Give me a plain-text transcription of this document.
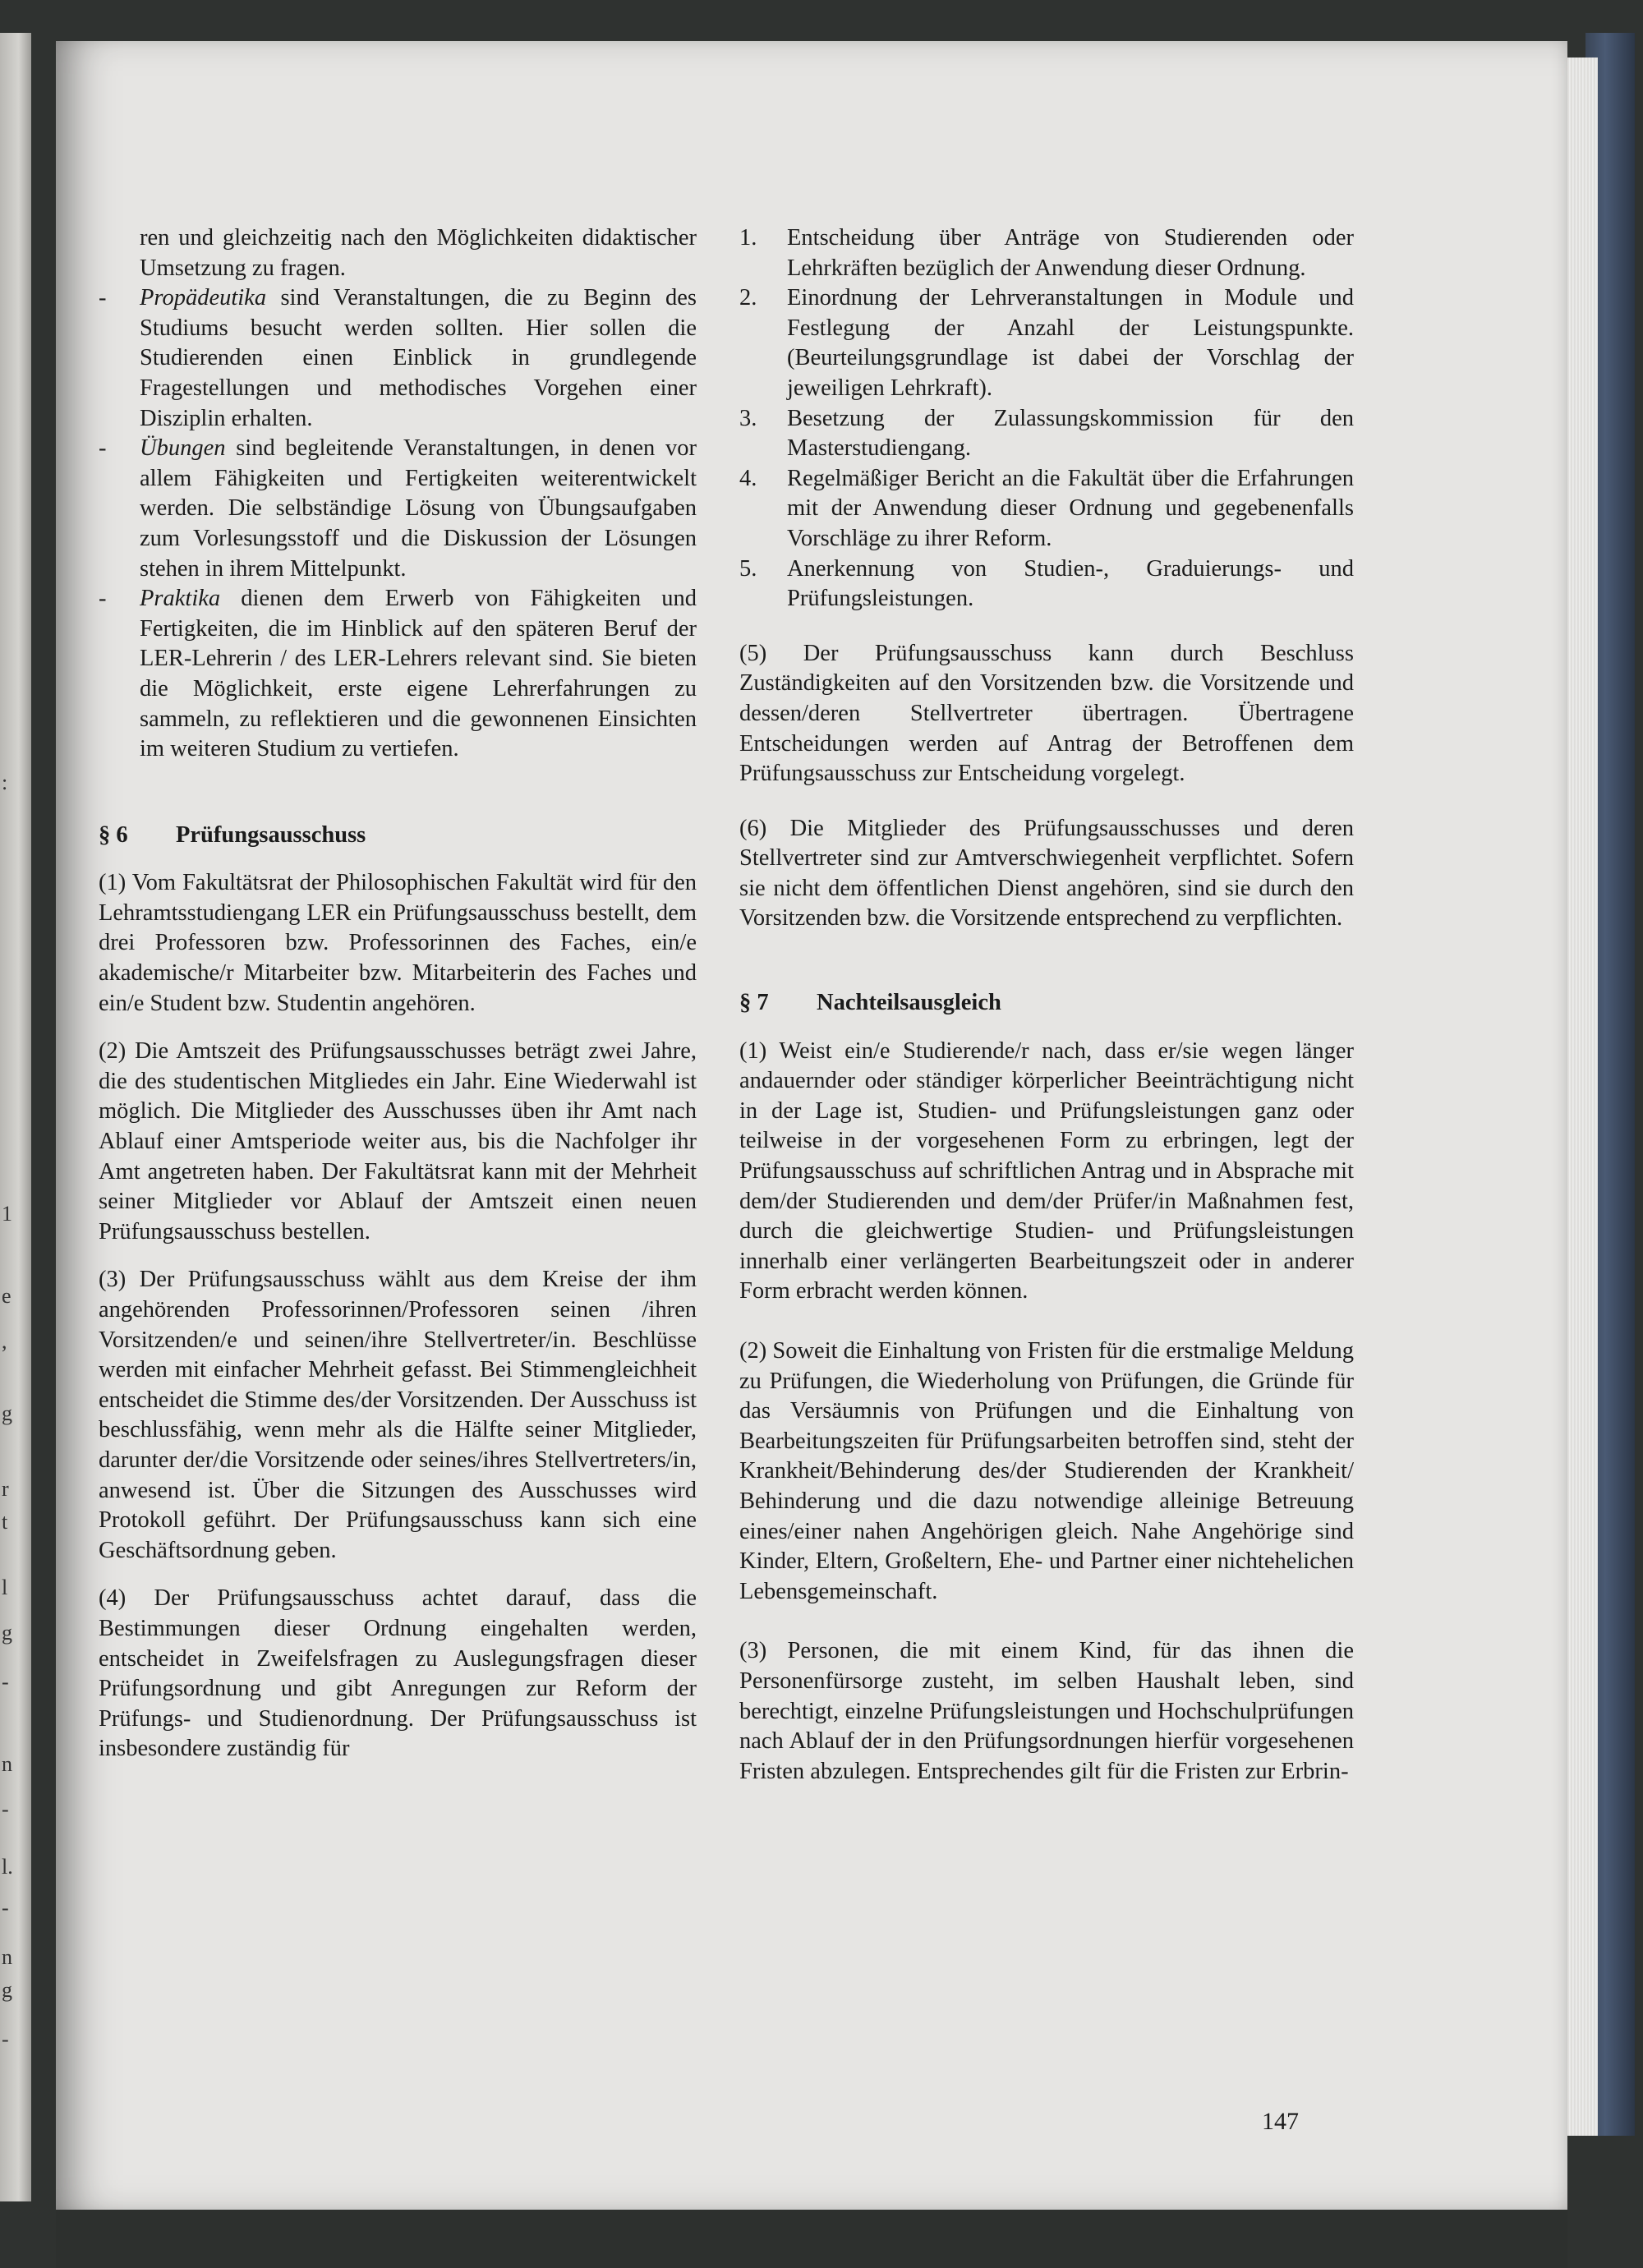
:
1
e
,
g
r
t
l
g
-
n
-
l.
-
n
g
-

ren und gleichzeitig nach den Möglichkeiten didaktischer Umsetzung zu fragen.

- Propädeutika sind Veranstaltungen, die zu Beginn des Studiums besucht werden sollten. Hier sollen die Studierenden einen Einblick in grundlegende Fragestellungen und methodisches Vorgehen einer Disziplin erhalten.

- Übungen sind begleitende Veranstaltungen, in denen vor allem Fähigkeiten und Fertigkeiten weiterentwickelt werden. Die selbständige Lösung von Übungsaufgaben zum Vorlesungsstoff und die Diskussion der Lösungen stehen in ihrem Mittelpunkt.

- Praktika dienen dem Erwerb von Fähigkeiten und Fertigkeiten, die im Hinblick auf den späteren Beruf der LER-Lehrerin / des LER-Lehrers relevant sind. Sie bieten die Möglichkeit, erste eigene Lehrerfahrungen zu sammeln, zu reflektieren und die gewonnenen Einsichten im weiteren Studium zu vertiefen.

§ 6	Prüfungsausschuss

(1) Vom Fakultätsrat der Philosophischen Fakultät wird für den Lehramtsstudiengang LER ein Prüfungsausschuss bestellt, dem drei Professoren bzw. Professorinnen des Faches, ein/e akademische/r Mitarbeiter bzw. Mitarbeiterin des Faches und ein/e Student bzw. Studentin angehören.

(2) Die Amtszeit des Prüfungsausschusses beträgt zwei Jahre, die des studentischen Mitgliedes ein Jahr. Eine Wiederwahl ist möglich. Die Mitglieder des Ausschusses üben ihr Amt nach Ablauf einer Amtsperiode weiter aus, bis die Nachfolger ihr Amt angetreten haben. Der Fakultätsrat kann mit der Mehrheit seiner Mitglieder vor Ablauf der Amtszeit einen neuen Prüfungsausschuss bestellen.

(3) Der Prüfungsausschuss wählt aus dem Kreise der ihm angehörenden Professorinnen/Professoren seinen /ihren Vorsitzenden/e und seinen/ihre Stellvertreter/in. Beschlüsse werden mit einfacher Mehrheit gefasst. Bei Stimmengleichheit entscheidet die Stimme des/der Vorsitzenden. Der Ausschuss ist beschlussfähig, wenn mehr als die Hälfte seiner Mitglieder, darunter der/die Vorsitzende oder seines/ihres Stellvertreters/in, anwesend ist. Über die Sitzungen des Ausschusses wird Protokoll geführt. Der Prüfungsausschuss kann sich eine Geschäftsordnung geben.

(4) Der Prüfungsausschuss achtet darauf, dass die Bestimmungen dieser Ordnung eingehalten werden, entscheidet in Zweifelsfragen zu Auslegungsfragen dieser Prüfungsordnung und gibt Anregungen zur Reform der Prüfungs- und Studienordnung. Der Prüfungsausschuss ist insbesondere zuständig für

1. Entscheidung über Anträge von Studierenden oder Lehrkräften bezüglich der Anwendung dieser Ordnung.

2. Einordnung der Lehrveranstaltungen in Module und Festlegung der Anzahl der Leistungspunkte. (Beurteilungsgrundlage ist dabei der Vorschlag der jeweiligen Lehrkraft).

3. Besetzung der Zulassungskommission für den Masterstudiengang.

4. Regelmäßiger Bericht an die Fakultät über die Erfahrungen mit der Anwendung dieser Ordnung und gegebenenfalls Vorschläge zu ihrer Reform.

5. Anerkennung von Studien-, Graduierungs- und Prüfungsleistungen.

(5) Der Prüfungsausschuss kann durch Beschluss Zuständigkeiten auf den Vorsitzenden bzw. die Vorsitzende und dessen/deren Stellvertreter übertragen. Übertragene Entscheidungen werden auf Antrag der Betroffenen dem Prüfungsausschuss zur Entscheidung vorgelegt.

(6) Die Mitglieder des Prüfungsausschusses und deren Stellvertreter sind zur Amtverschwiegenheit verpflichtet. Sofern sie nicht dem öffentlichen Dienst angehören, sind sie durch den Vorsitzenden bzw. die Vorsitzende entsprechend zu verpflichten.

§ 7	Nachteilsausgleich

(1) Weist ein/e Studierende/r nach, dass er/sie wegen länger andauernder oder ständiger körperlicher Beeinträchtigung nicht in der Lage ist, Studien- und Prüfungsleistungen ganz oder teilweise in der vorgesehenen Form zu erbringen, legt der Prüfungsausschuss auf schriftlichen Antrag und in Absprache mit dem/der Studierenden und dem/der Prüfer/in Maßnahmen fest, durch die gleichwertige Studien- und Prüfungsleistungen innerhalb einer verlängerten Bearbeitungszeit oder in anderer Form erbracht werden können.

(2) Soweit die Einhaltung von Fristen für die erstmalige Meldung zu Prüfungen, die Wiederholung von Prüfungen, die Gründe für das Versäumnis von Prüfungen und die Einhaltung von Bearbeitungszeiten für Prüfungsarbeiten betroffen sind, steht der Krankheit/Behinderung des/der Studierenden der Krankheit/ Behinderung und die dazu notwendige alleinige Betreuung eines/einer nahen Angehörigen gleich. Nahe Angehörige sind Kinder, Eltern, Großeltern, Ehe- und Partner einer nichtehelichen Lebensgemeinschaft.

(3) Personen, die mit einem Kind, für das ihnen die Personenfürsorge zusteht, im selben Haushalt leben, sind berechtigt, einzelne Prüfungsleistungen und Hochschulprüfungen nach Ablauf der in den Prüfungsordnungen hierfür vorgesehenen Fristen abzulegen. Entsprechendes gilt für die Fristen zur Erbrin-

147
